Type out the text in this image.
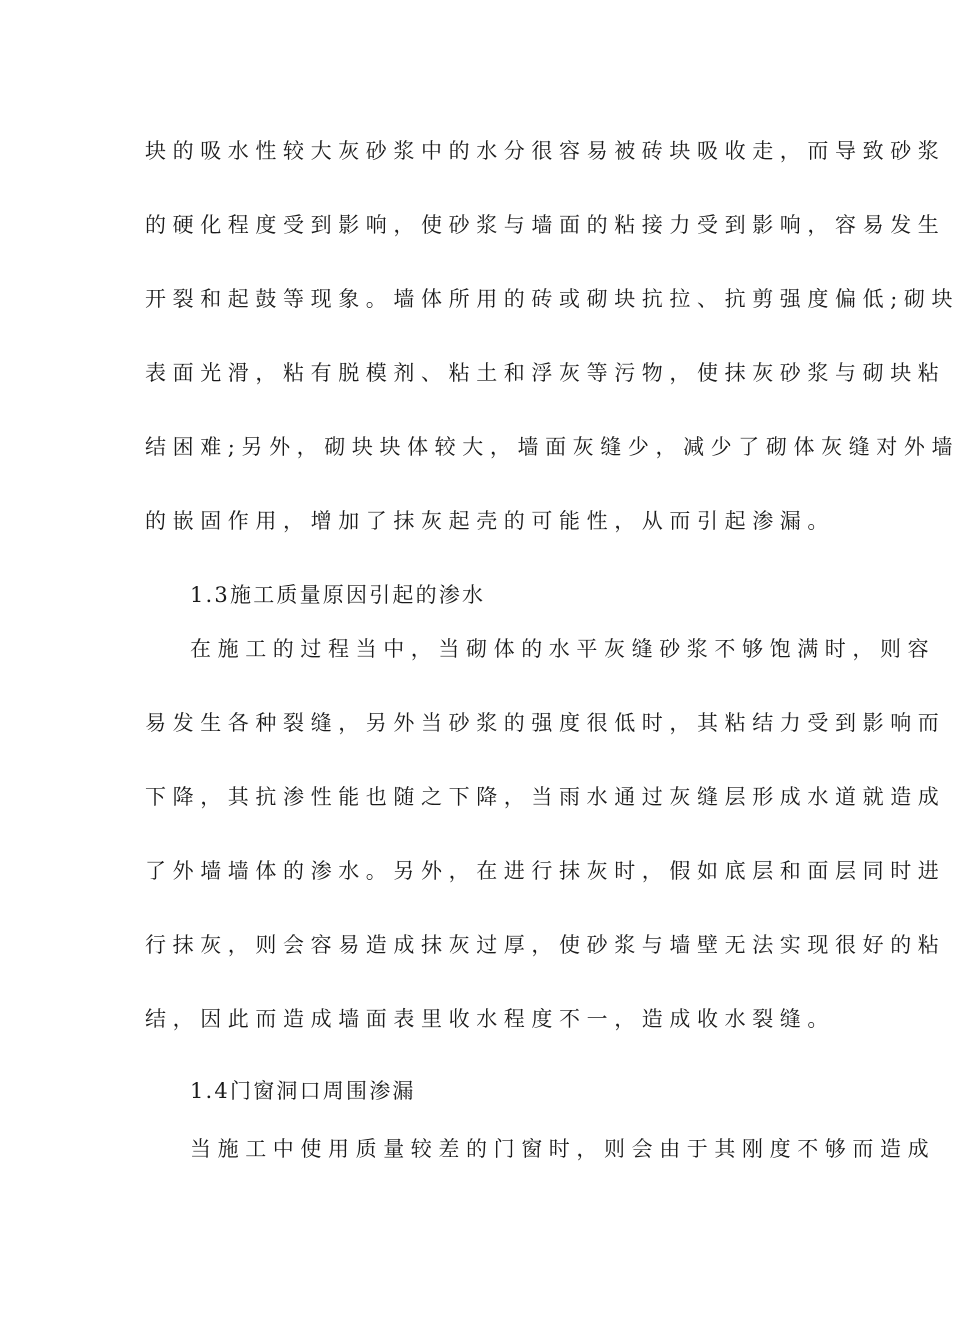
块的吸水性较大灰砂浆中的水分很容易被砖块吸收走，而导致砂浆
的硬化程度受到影响，使砂浆与墙面的粘接力受到影响，容易发生
开裂和起鼓等现象。墙体所用的砖或砌块抗拉、抗剪强度偏低;砌块
表面光滑，粘有脱模剂、粘土和浮灰等污物，使抹灰砂浆与砌块粘
结困难;另外，砌块块体较大，墙面灰缝少，减少了砌体灰缝对外墙
的嵌固作用，增加了抹灰起壳的可能性，从而引起渗漏。
1.3施工质量原因引起的渗水
在施工的过程当中，当砌体的水平灰缝砂浆不够饱满时，则容
易发生各种裂缝，另外当砂浆的强度很低时，其粘结力受到影响而
下降，其抗渗性能也随之下降，当雨水通过灰缝层形成水道就造成
了外墙墙体的渗水。另外，在进行抹灰时，假如底层和面层同时进
行抹灰，则会容易造成抹灰过厚，使砂浆与墙壁无法实现很好的粘
结，因此而造成墙面表里收水程度不一，造成收水裂缝。
1.4门窗洞口周围渗漏
当施工中使用质量较差的门窗时，则会由于其刚度不够而造成
